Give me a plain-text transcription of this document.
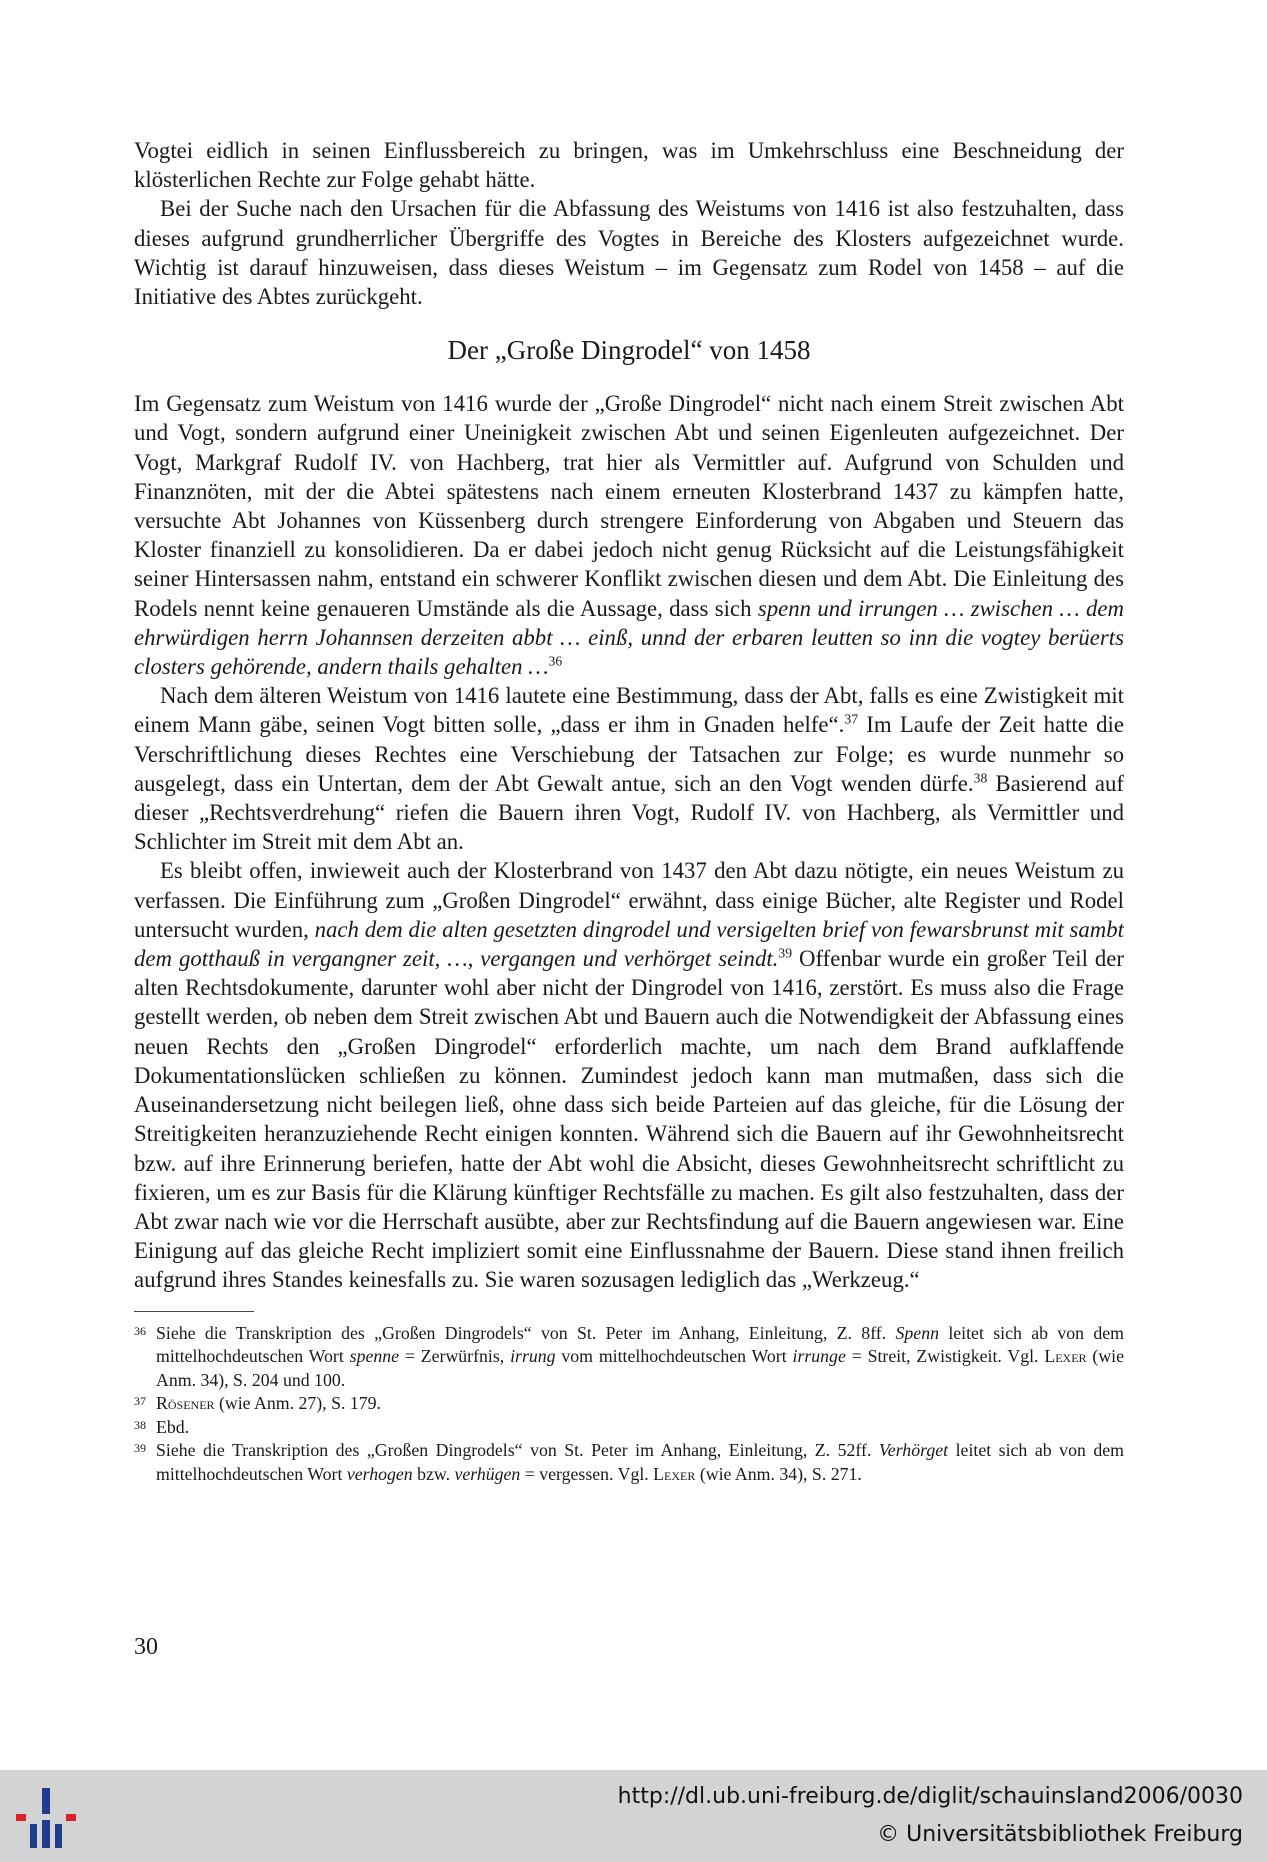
Vogtei eidlich in seinen Einflussbereich zu bringen, was im Umkehrschluss eine Beschneidung der klösterlichen Rechte zur Folge gehabt hätte.

Bei der Suche nach den Ursachen für die Abfassung des Weistums von 1416 ist also festzuhalten, dass dieses aufgrund grundherrlicher Übergriffe des Vogtes in Bereiche des Klosters aufgezeichnet wurde. Wichtig ist darauf hinzuweisen, dass dieses Weistum – im Gegensatz zum Rodel von 1458 – auf die Initiative des Abtes zurückgeht.

Der „Große Dingrodel“ von 1458

Im Gegensatz zum Weistum von 1416 wurde der „Große Dingrodel“ nicht nach einem Streit zwischen Abt und Vogt, sondern aufgrund einer Uneinigkeit zwischen Abt und seinen Eigenleuten aufgezeichnet. Der Vogt, Markgraf Rudolf IV. von Hachberg, trat hier als Vermittler auf. Aufgrund von Schulden und Finanznöten, mit der die Abtei spätestens nach einem erneuten Klosterbrand 1437 zu kämpfen hatte, versuchte Abt Johannes von Küssenberg durch strengere Einforderung von Abgaben und Steuern das Kloster finanziell zu konsolidieren. Da er dabei jedoch nicht genug Rücksicht auf die Leistungsfähigkeit seiner Hintersassen nahm, entstand ein schwerer Konflikt zwischen diesen und dem Abt. Die Einleitung des Rodels nennt keine genaueren Umstände als die Aussage, dass sich spenn und irrungen … zwischen … dem ehrwürdigen herrn Johannsen derzeiten abbt … einß, unnd der erbaren leutten so inn die vogtey berüerts closters gehörende, andern thails gehalten …$^{36}$

Nach dem älteren Weistum von 1416 lautete eine Bestimmung, dass der Abt, falls es eine Zwistigkeit mit einem Mann gäbe, seinen Vogt bitten solle, „dass er ihm in Gnaden helfe“.$^{37}$ Im Laufe der Zeit hatte die Verschriftlichung dieses Rechtes eine Verschiebung der Tatsachen zur Folge; es wurde nunmehr so ausgelegt, dass ein Untertan, dem der Abt Gewalt antue, sich an den Vogt wenden dürfe.$^{38}$ Basierend auf dieser „Rechtsverdrehung“ riefen die Bauern ihren Vogt, Rudolf IV. von Hachberg, als Vermittler und Schlichter im Streit mit dem Abt an.

Es bleibt offen, inwieweit auch der Klosterbrand von 1437 den Abt dazu nötigte, ein neues Weistum zu verfassen. Die Einführung zum „Großen Dingrodel“ erwähnt, dass einige Bücher, alte Register und Rodel untersucht wurden, nach dem die alten gesetzten dingrodel und versigelten brief von fewarsbrunst mit sambt dem gotthauß in vergangner zeit, …, vergangen und verhörget seindt.$^{39}$ Offenbar wurde ein großer Teil der alten Rechtsdokumente, darunter wohl aber nicht der Dingrodel von 1416, zerstört. Es muss also die Frage gestellt werden, ob neben dem Streit zwischen Abt und Bauern auch die Notwendigkeit der Abfassung eines neuen Rechts den „Großen Dingrodel“ erforderlich machte, um nach dem Brand aufklaffende Dokumentationslücken schließen zu können. Zumindest jedoch kann man mutmaßen, dass sich die Auseinandersetzung nicht beilegen ließ, ohne dass sich beide Parteien auf das gleiche, für die Lösung der Streitigkeiten heranzuziehende Recht einigen konnten. Während sich die Bauern auf ihr Gewohnheitsrecht bzw. auf ihre Erinnerung beriefen, hatte der Abt wohl die Absicht, dieses Gewohnheitsrecht schriftlicht zu fixieren, um es zur Basis für die Klärung künftiger Rechtsfälle zu machen. Es gilt also festzuhalten, dass der Abt zwar nach wie vor die Herrschaft ausübte, aber zur Rechtsfindung auf die Bauern angewiesen war. Eine Einigung auf das gleiche Recht impliziert somit eine Einflussnahme der Bauern. Diese stand ihnen freilich aufgrund ihres Standes keinesfalls zu. Sie waren sozusagen lediglich das „Werkzeug.“

36 Siehe die Transkription des „Großen Dingrodels“ von St. Peter im Anhang, Einleitung, Z. 8ff. Spenn leitet sich ab von dem mittelhochdeutschen Wort spenne = Zerwürfnis, irrung vom mittelhochdeutschen Wort irrunge = Streit, Zwistigkeit. Vgl. Lexer (wie Anm. 34), S. 204 und 100.

37 Rösener (wie Anm. 27), S. 179.

38 Ebd.

39 Siehe die Transkription des „Großen Dingrodels“ von St. Peter im Anhang, Einleitung, Z. 52ff. Verhörget leitet sich ab von dem mittelhochdeutschen Wort verhogen bzw. verhügen = vergessen. Vgl. Lexer (wie Anm. 34), S. 271.

30
http://dl.ub.uni-freiburg.de/diglit/schauinsland2006/0030
© Universitätsbibliothek Freiburg
